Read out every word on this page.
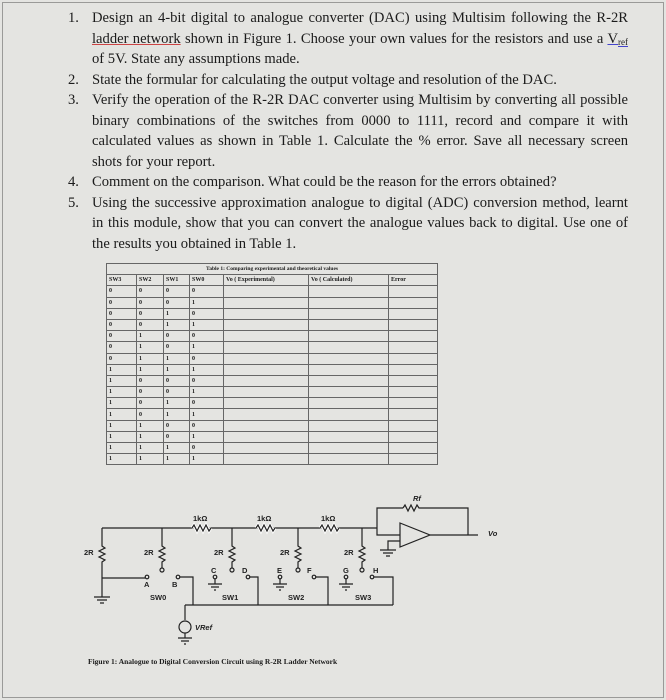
1. Design an 4-bit digital to analogue converter (DAC) using Multisim following the R-2R ladder network shown in Figure 1. Choose your own values for the resistors and use a $V_{ref}$ of 5V. State any assumptions made.
2. State the formular for calculating the output voltage and resolution of the DAC.
3. Verify the operation of the R-2R DAC converter using Multisim by converting all possible binary combinations of the switches from 0000 to 1111, record and compare it with calculated values as shown in Table 1. Calculate the % error. Save all necessary screen shots for your report.
4. Comment on the comparison. What could be the reason for the errors obtained?
5. Using the successive approximation analogue to digital (ADC) conversion method, learnt in this module, show that you can convert the analogue values back to digital. Use one of the results you obtained in Table 1.
Table 1: Comparing experimental and theoretical values						
SW3	SW2	SW1	SW0	Vo ( Experimental)	Vo ( Calculated)	Error
0	0	0	0			
0	0	0	1			
0	0	1	0			
0	0	1	1			
0	1	0	0			
0	1	0	1			
0	1	1	0			
1	1	1	1			
1	0	0	0			
1	0	0	1			
1	0	1	0			
1	0	1	1			
1	1	0	0			
1	1	0	1			
1	1	1	0			
1	1	1	1			
1kΩ	1kΩ	1kΩ
2R	2R	2R	2R	2R
Rf
Vo
VRef
SW0	SW1	SW2	SW3
A	B
C	D	E	F	G	H
Figure 1: Analogue to Digital Conversion Circuit using R-2R Ladder Network
